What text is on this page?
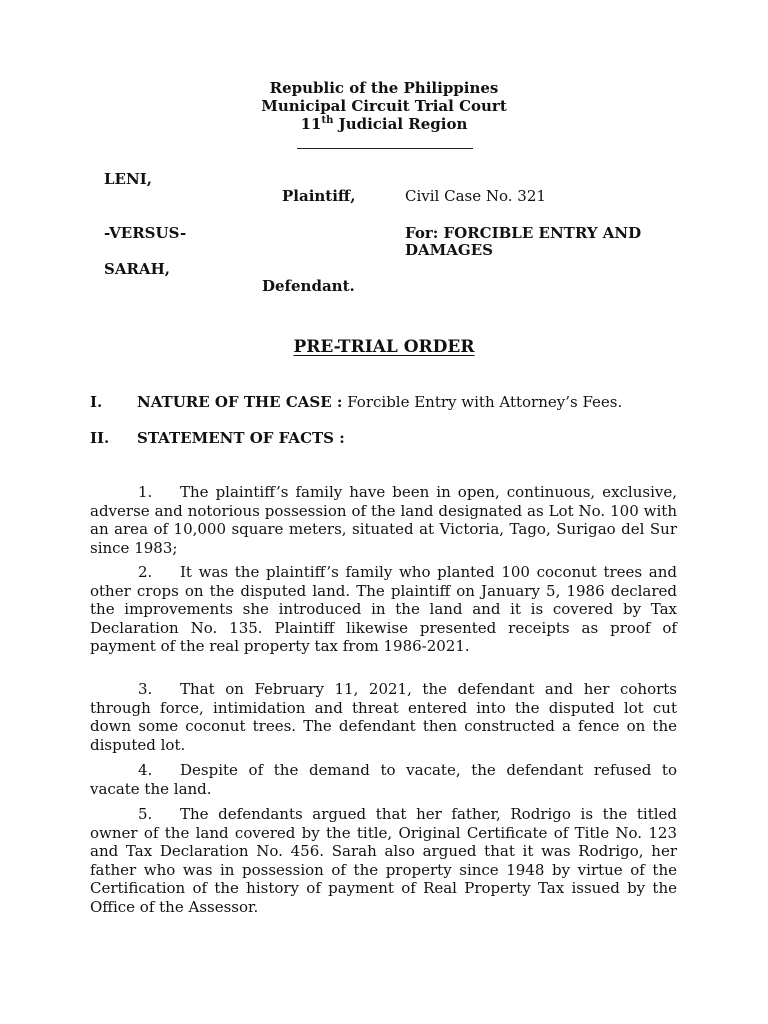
Republic of the Philippines
Municipal Circuit Trial Court
11th Judicial Region
LENI,
Plaintiff,	Civil Case No. 321
-VERSUS-	For: FORCIBLE ENTRY AND
DAMAGES
SARAH,
Defendant.
PRE-TRIAL ORDER
I. NATURE OF THE CASE : Forcible Entry with Attorney’s Fees.
II. STATEMENT OF FACTS :
1. The plaintiff’s family have been in open, continuous, exclusive, adverse and notorious possession of the land designated as Lot No. 100 with an area of 10,000 square meters, situated at Victoria, Tago, Surigao del Sur since 1983;
2. It was the plaintiff’s family who planted 100 coconut trees and other crops on the disputed land. The plaintiff on January 5, 1986 declared the improvements she introduced in the land and it is covered by Tax Declaration No. 135. Plaintiff likewise presented receipts as proof of payment of the real property tax from 1986-2021.
3. That on February 11, 2021, the defendant and her cohorts through force, intimidation and threat entered into the disputed lot cut down some coconut trees. The defendant then constructed a fence on the disputed lot.
4. Despite of the demand to vacate, the defendant refused to vacate the land.
5. The defendants argued that her father, Rodrigo is the titled owner of the land covered by the title, Original Certificate of Title No. 123 and Tax Declaration No. 456. Sarah also argued that it was Rodrigo, her father who was in possession of the property since 1948 by virtue of the Certification of the history of payment of Real Property Tax issued by the Office of the Assessor.
